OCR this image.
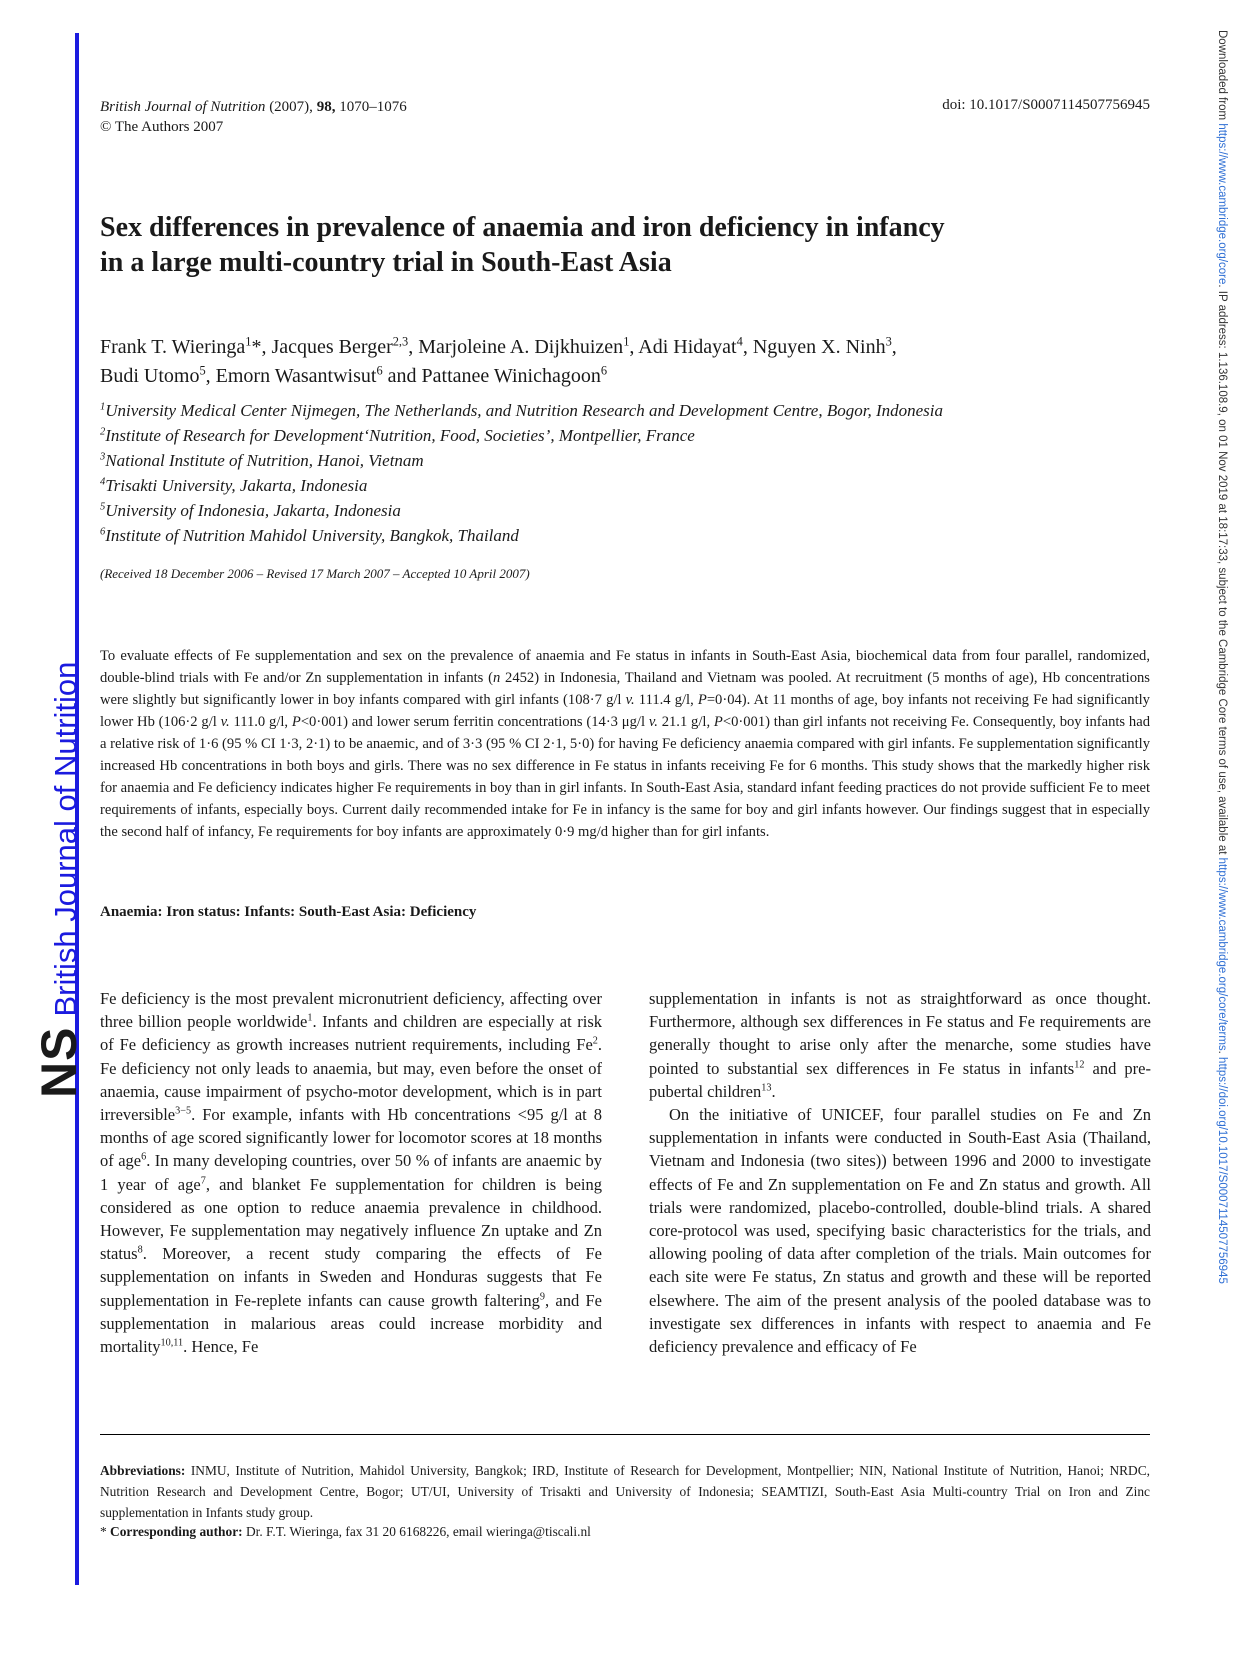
NS
British Journal of Nutrition
Downloaded from https://www.cambridge.org/core. IP address: 1.136.108.9, on 01 Nov 2019 at 18:17:33, subject to the Cambridge Core terms of use, available at https://www.cambridge.org/core/terms. https://doi.org/10.1017/S0007114507756945
British Journal of Nutrition (2007), 98, 1070–1076
© The Authors 2007
doi: 10.1017/S0007114507756945
Sex differences in prevalence of anaemia and iron deficiency in infancy
in a large multi-country trial in South-East Asia
Frank T. Wieringa$^1$*, Jacques Berger$^{2,3}$, Marjoleine A. Dijkhuizen$^1$, Adi Hidayat$^4$, Nguyen X. Ninh$^3$,
Budi Utomo$^5$, Emorn Wasantwisut$^6$ and Pattanee Winichagoon$^6$
$^1$University Medical Center Nijmegen, The Netherlands, and Nutrition Research and Development Centre, Bogor, Indonesia
$^2$Institute of Research for Development‘Nutrition, Food, Societies’, Montpellier, France
$^3$National Institute of Nutrition, Hanoi, Vietnam
$^4$Trisakti University, Jakarta, Indonesia
$^5$University of Indonesia, Jakarta, Indonesia
$^6$Institute of Nutrition Mahidol University, Bangkok, Thailand
(Received 18 December 2006 – Revised 17 March 2007 – Accepted 10 April 2007)

To evaluate effects of Fe supplementation and sex on the prevalence of anaemia and Fe status in infants in South-East Asia, biochemical data from four parallel, randomized, double-blind trials with Fe and/or Zn supplementation in infants (n 2452) in Indonesia, Thailand and Vietnam was pooled. At recruitment (5 months of age), Hb concentrations were slightly but significantly lower in boy infants compared with girl infants (108·7 g/l v. 111.4 g/l, P=0·04). At 11 months of age, boy infants not receiving Fe had significantly lower Hb (106·2 g/l v. 111.0 g/l, P<0·001) and lower serum ferritin concentrations (14·3 μg/l v. 21.1 g/l, P<0·001) than girl infants not receiving Fe. Consequently, boy infants had a relative risk of 1·6 (95 % CI 1·3, 2·1) to be anaemic, and of 3·3 (95 % CI 2·1, 5·0) for having Fe deficiency anaemia compared with girl infants. Fe supplementation significantly increased Hb concentrations in both boys and girls. There was no sex difference in Fe status in infants receiving Fe for 6 months. This study shows that the markedly higher risk for anaemia and Fe deficiency indicates higher Fe requirements in boy than in girl infants. In South-East Asia, standard infant feeding practices do not provide sufficient Fe to meet requirements of infants, especially boys. Current daily recommended intake for Fe in infancy is the same for boy and girl infants however. Our findings suggest that in especially the second half of infancy, Fe requirements for boy infants are approximately 0·9 mg/d higher than for girl infants.

Anaemia: Iron status: Infants: South-East Asia: Deficiency

Fe deficiency is the most prevalent micronutrient deficiency, affecting over three billion people worldwide$^1$. Infants and children are especially at risk of Fe deficiency as growth increases nutrient requirements, including Fe$^2$. Fe deficiency not only leads to anaemia, but may, even before the onset of anaemia, cause impairment of psycho-motor development, which is in part irreversible$^{3-5}$. For example, infants with Hb concentrations <95 g/l at 8 months of age scored significantly lower for locomotor scores at 18 months of age$^6$. In many developing countries, over 50 % of infants are anaemic by 1 year of age$^7$, and blanket Fe supplementation for children is being considered as one option to reduce anaemia prevalence in childhood. However, Fe supplementation may negatively influence Zn uptake and Zn status$^8$. Moreover, a recent study comparing the effects of Fe supplementation on infants in Sweden and Honduras suggests that Fe supplementation in Fe-replete infants can cause growth faltering$^9$, and Fe supplementation in malarious areas could increase morbidity and mortality$^{10,11}$. Hence, Fe

supplementation in infants is not as straightforward as once thought. Furthermore, although sex differences in Fe status and Fe requirements are generally thought to arise only after the menarche, some studies have pointed to substantial sex differences in Fe status in infants$^{12}$ and pre-pubertal children$^{13}$.

On the initiative of UNICEF, four parallel studies on Fe and Zn supplementation in infants were conducted in South-East Asia (Thailand, Vietnam and Indonesia (two sites)) between 1996 and 2000 to investigate effects of Fe and Zn supplementation on Fe and Zn status and growth. All trials were randomized, placebo-controlled, double-blind trials. A shared core-protocol was used, specifying basic characteristics for the trials, and allowing pooling of data after completion of the trials. Main outcomes for each site were Fe status, Zn status and growth and these will be reported elsewhere. The aim of the present analysis of the pooled database was to investigate sex differences in infants with respect to anaemia and Fe deficiency prevalence and efficacy of Fe

Abbreviations: INMU, Institute of Nutrition, Mahidol University, Bangkok; IRD, Institute of Research for Development, Montpellier; NIN, National Institute of Nutrition, Hanoi; NRDC, Nutrition Research and Development Centre, Bogor; UT/UI, University of Trisakti and University of Indonesia; SEAMTIZI, South-East Asia Multi-country Trial on Iron and Zinc supplementation in Infants study group.

* Corresponding author: Dr. F.T. Wieringa, fax 31 20 6168226, email wieringa@tiscali.nl
